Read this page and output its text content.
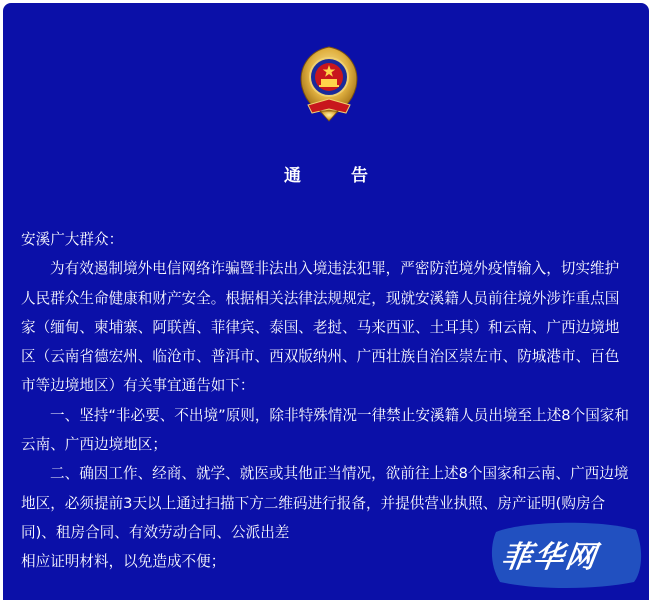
通 告

安溪广大群众：

为有效遏制境外电信网络诈骗暨非法出入境违法犯罪，严密防范境外疫情输入，切实维护人民群众生命健康和财产安全。根据相关法律法规规定，现就安溪籍人员前往境外涉诈重点国家（缅甸、柬埔寨、阿联酋、菲律宾、泰国、老挝、马来西亚、土耳其）和云南、广西边境地区（云南省德宏州、临沧市、普洱市、西双版纳州、广西壮族自治区崇左市、防城港市、百色市等边境地区）有关事宜通告如下：

一、坚持“非必要、不出境”原则，除非特殊情况一律禁止安溪籍人员出境至上述8个国家和云南、广西边境地区；

二、确因工作、经商、就学、就医或其他正当情况，欲前往上述8个国家和云南、广西边境地区，必须提前3天以上通过扫描下方二维码进行报备，并提供营业执照、房产证明(购房合同)、租房合同、有效劳动合同、公派出差

相应证明材料，以免造成不便；	菲华网
